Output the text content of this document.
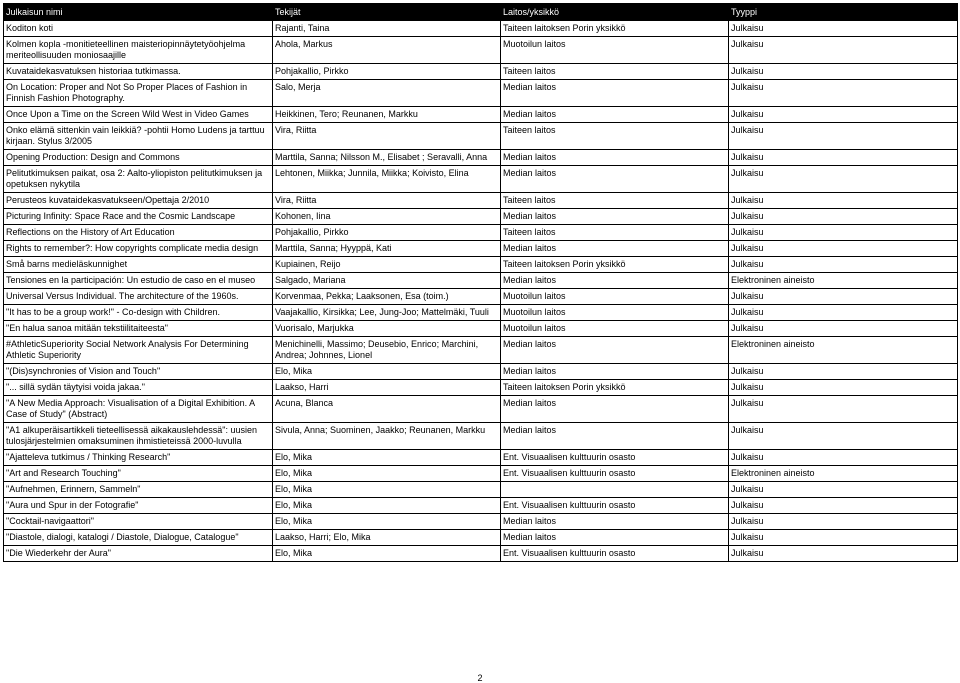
Julkaisun nimi	Tekijät	Laitos/yksikkö	Tyyppi
Koditon koti	Rajanti, Taina	Taiteen laitoksen Porin yksikkö	Julkaisu
Kolmen kopla -monitieteellinen maisteriopinnäytetyöohjelma meriteollisuuden moniosaajille	Ahola, Markus	Muotoilun laitos	Julkaisu
Kuvataidekasvatuksen historiaa tutkimassa.	Pohjakallio, Pirkko	Taiteen laitos	Julkaisu
On Location: Proper and Not So Proper Places of Fashion in Finnish Fashion Photography.	Salo, Merja	Median laitos	Julkaisu
Once Upon a Time on the Screen Wild West in Video Games	Heikkinen, Tero; Reunanen, Markku	Median laitos	Julkaisu
Onko elämä sittenkin vain leikkiä? -pohtii Homo Ludens ja tarttuu kirjaan. Stylus 3/2005	Vira, Riitta	Taiteen laitos	Julkaisu
Opening Production: Design and Commons	Marttila, Sanna; Nilsson M., Elisabet ; Seravalli, Anna	Median laitos	Julkaisu
Pelitutkimuksen paikat, osa 2: Aalto-yliopiston pelitutkimuksen ja opetuksen nykytila	Lehtonen, Miikka; Junnila, Miikka; Koivisto, Elina	Median laitos	Julkaisu
Perusteos kuvataidekasvatukseen/Opettaja 2/2010	Vira, Riitta	Taiteen laitos	Julkaisu
Picturing Infinity: Space Race and the Cosmic Landscape	Kohonen, Iina	Median laitos	Julkaisu
Reflections on the History of Art Education	Pohjakallio, Pirkko	Taiteen laitos	Julkaisu
Rights to remember?: How copyrights complicate media design	Marttila, Sanna; Hyyppä, Kati	Median laitos	Julkaisu
Små barns medieläskunnighet	Kupiainen, Reijo	Taiteen laitoksen Porin yksikkö	Julkaisu
Tensiones en la participación: Un estudio de caso en el museo	Salgado, Mariana	Median laitos	Elektroninen aineisto
Universal Versus Individual. The architecture of the 1960s.	Korvenmaa, Pekka; Laaksonen, Esa (toim.)	Muotoilun laitos	Julkaisu
"It has to be a group work!" - Co-design with Children.	Vaajakallio, Kirsikka; Lee, Jung-Joo; Mattelmäki, Tuuli	Muotoilun laitos	Julkaisu
"En halua sanoa mitään tekstiilitaiteesta"	Vuorisalo, Marjukka	Muotoilun laitos	Julkaisu
#AthleticSuperiority Social Network Analysis For Determining Athletic Superiority	Menichinelli, Massimo; Deusebio, Enrico; Marchini, Andrea; Johnnes, Lionel	Median laitos	Elektroninen aineisto
"(Dis)synchronies of Vision and Touch"	Elo, Mika	Median laitos	Julkaisu
"... sillä sydän täytyisi voida jakaa."	Laakso, Harri	Taiteen laitoksen Porin yksikkö	Julkaisu
"A New Media Approach: Visualisation of a Digital Exhibition. A Case of Study" (Abstract)	Acuna, Blanca	Median laitos	Julkaisu
"A1 alkuperäisartikkeli tieteellisessä aikakauslehdessä": uusien tulosjärjestelmien omaksuminen ihmistieteissä 2000-luvulla	Sivula, Anna; Suominen, Jaakko; Reunanen, Markku	Median laitos	Julkaisu
"Ajatteleva tutkimus / Thinking Research"	Elo, Mika	Ent. Visuaalisen kulttuurin osasto	Julkaisu
"Art and Research Touching"	Elo, Mika	Ent. Visuaalisen kulttuurin osasto	Elektroninen aineisto
"Aufnehmen, Erinnern, Sammeln"	Elo, Mika		Julkaisu
"Aura und Spur in der Fotografie"	Elo, Mika	Ent. Visuaalisen kulttuurin osasto	Julkaisu
"Cocktail-navigaattori"	Elo, Mika	Median laitos	Julkaisu
"Diastole, dialogi, katalogi / Diastole, Dialogue, Catalogue"	Laakso, Harri; Elo, Mika	Median laitos	Julkaisu
"Die Wiederkehr der Aura"	Elo, Mika	Ent. Visuaalisen kulttuurin osasto	Julkaisu
2
